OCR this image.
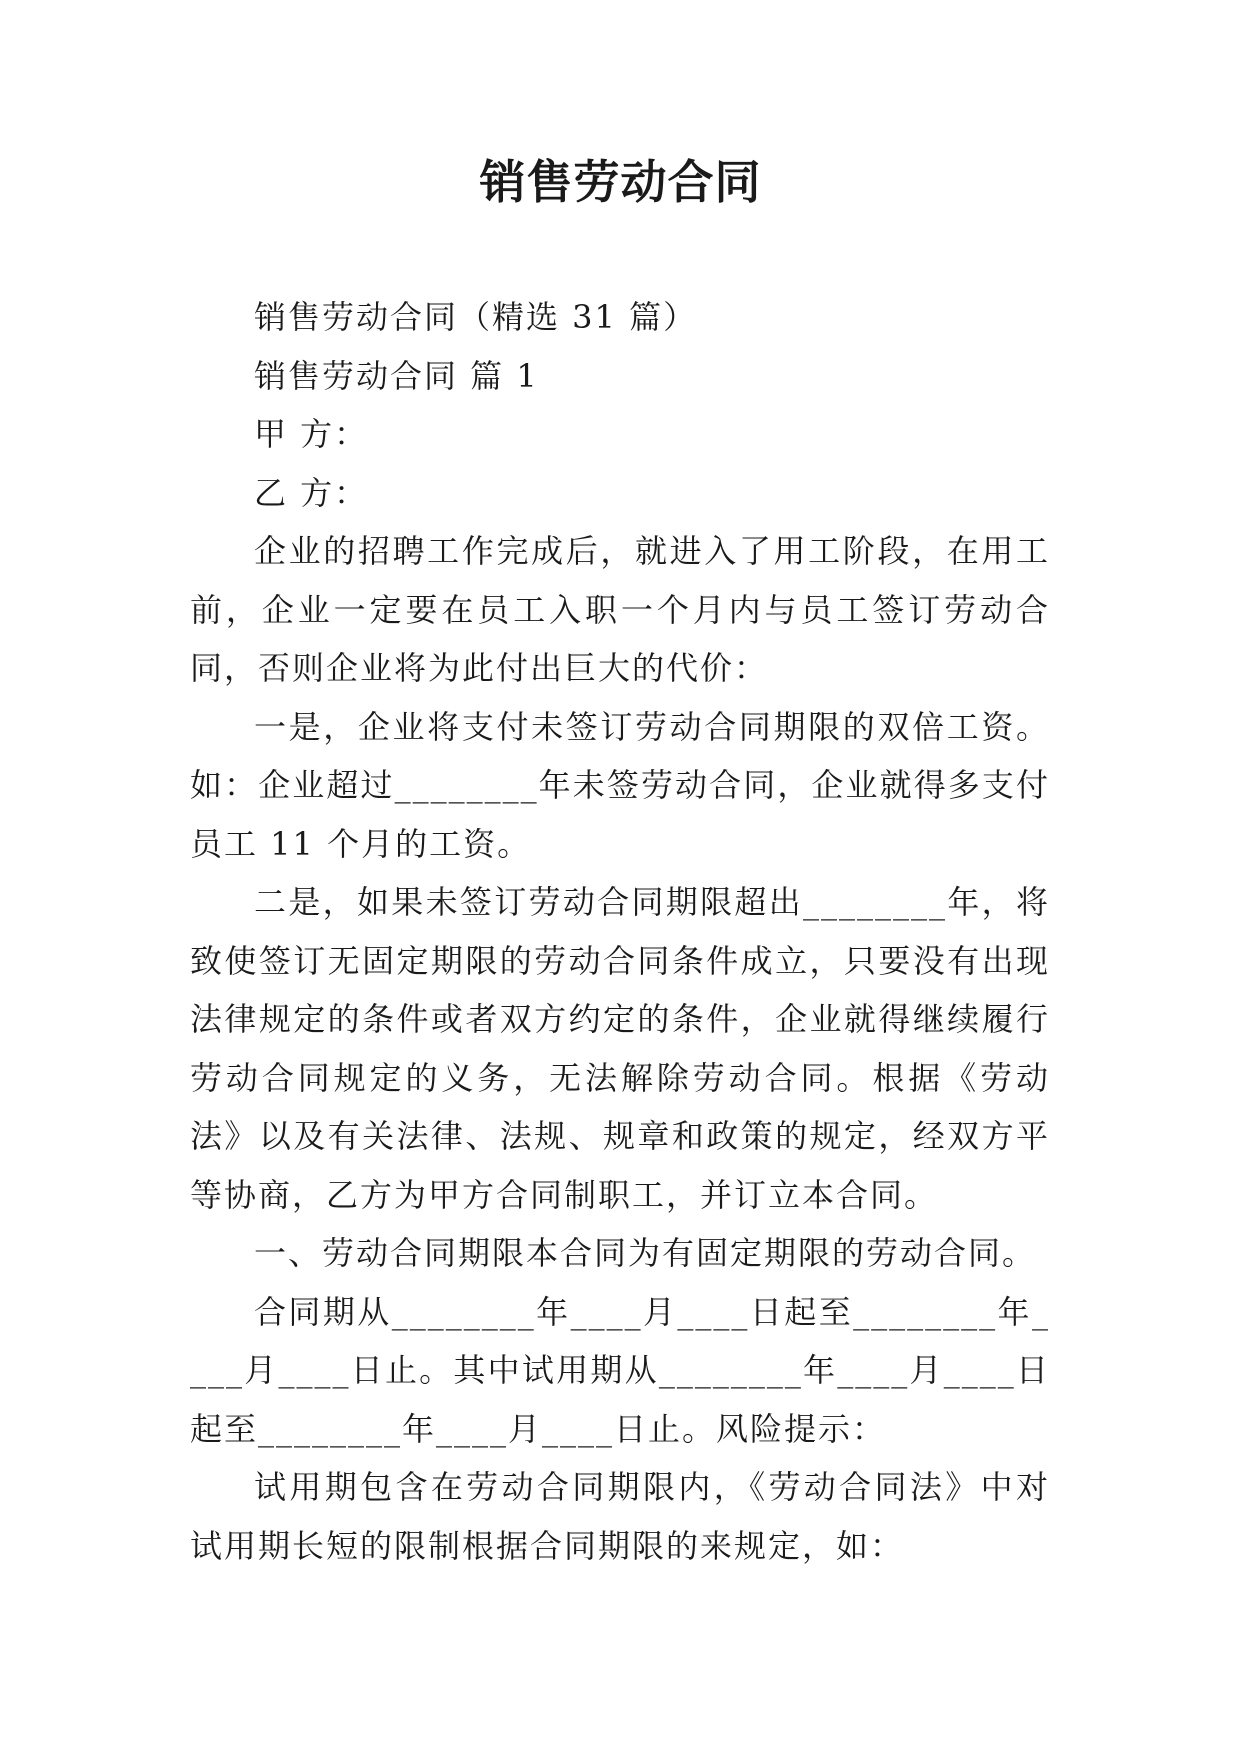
销售劳动合同

销售劳动合同（精选 31 篇）

销售劳动合同 篇 1

甲 方：

乙 方：

企业的招聘工作完成后，就进入了用工阶段，在用工前，企业一定要在员工入职一个月内与员工签订劳动合同，否则企业将为此付出巨大的代价：

一是，企业将支付未签订劳动合同期限的双倍工资。如：企业超过________年未签劳动合同，企业就得多支付员工 11 个月的工资。

二是，如果未签订劳动合同期限超出________年，将致使签订无固定期限的劳动合同条件成立，只要没有出现法律规定的条件或者双方约定的条件，企业就得继续履行劳动合同规定的义务，无法解除劳动合同。根据《劳动法》以及有关法律、法规、规章和政策的规定，经双方平等协商，乙方为甲方合同制职工，并订立本合同。

一、劳动合同期限本合同为有固定期限的劳动合同。

合同期从________年____月____日起至________年____月____日止。其中试用期从________年____月____日起至________年____月____日止。风险提示：

试用期包含在劳动合同期限内，《劳动合同法》中对试用期长短的限制根据合同期限的来规定，如：
